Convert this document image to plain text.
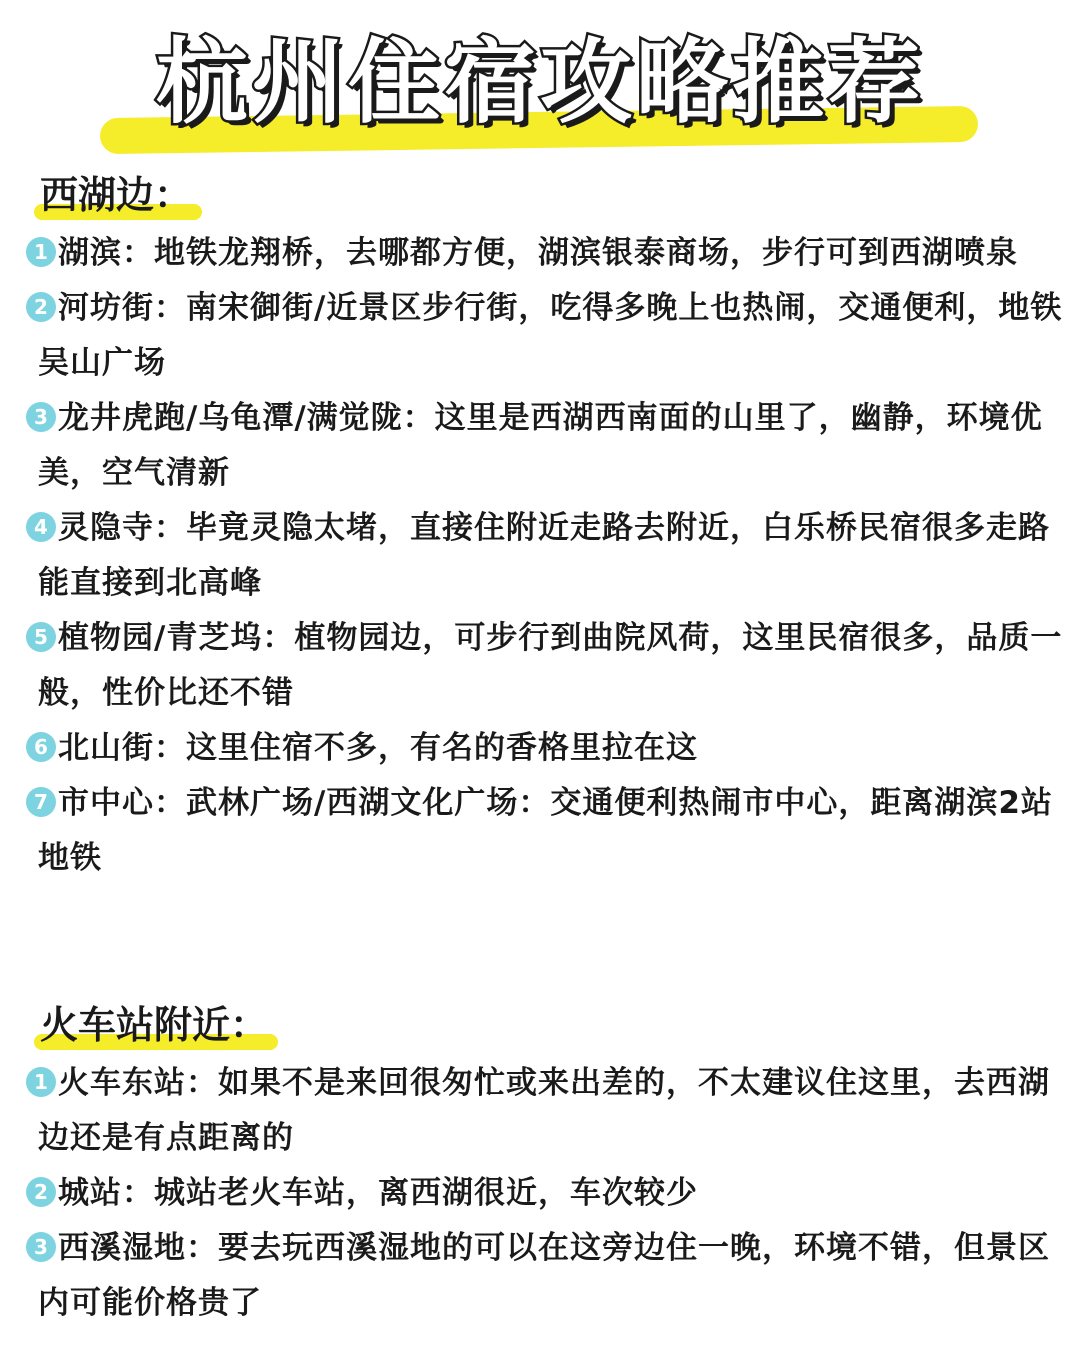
杭州住宿攻略推荐
西湖边：
1 湖滨：地铁龙翔桥，去哪都方便，湖滨银泰商场，步行可到西湖喷泉
2 河坊街：南宋御街/近景区步行街，吃得多晚上也热闹，交通便利，地铁吴山广场
3 龙井虎跑/乌龟潭/满觉陇：这里是西湖西南面的山里了，幽静，环境优美，空气清新
4 灵隐寺：毕竟灵隐太堵，直接住附近走路去附近，白乐桥民宿很多走路能直接到北高峰
5 植物园/青芝坞：植物园边，可步行到曲院风荷，这里民宿很多，品质一般，性价比还不错
6 北山街：这里住宿不多，有名的香格里拉在这
7 市中心：武林广场/西湖文化广场：交通便利热闹市中心，距离湖滨2站地铁
火车站附近：
1 火车东站：如果不是来回很匆忙或来出差的，不太建议住这里，去西湖边还是有点距离的
2 城站：城站老火车站，离西湖很近，车次较少
3 西溪湿地：要去玩西溪湿地的可以在这旁边住一晚，环境不错，但景区内可能价格贵了
